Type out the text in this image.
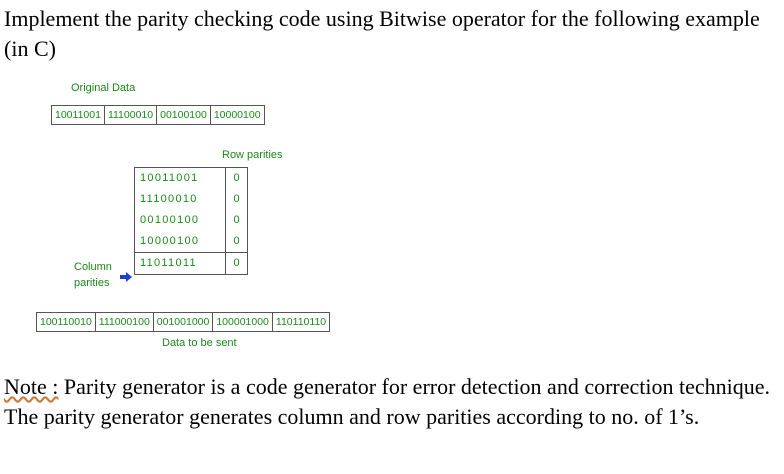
Implement the parity checking code using Bitwise operator for the following example (in C)

Original Data
10011001 11100010 00100100 10000100
Row parities
10011001	0
11100010	0
00100100	0
10000100	0
11011011	0
Column
parities
100110010 111000100 001001000 100001000 110110110
Data to be sent

Note : Parity generator is a code generator for error detection and correction technique. The parity generator generates column and row parities according to no. of 1’s.
